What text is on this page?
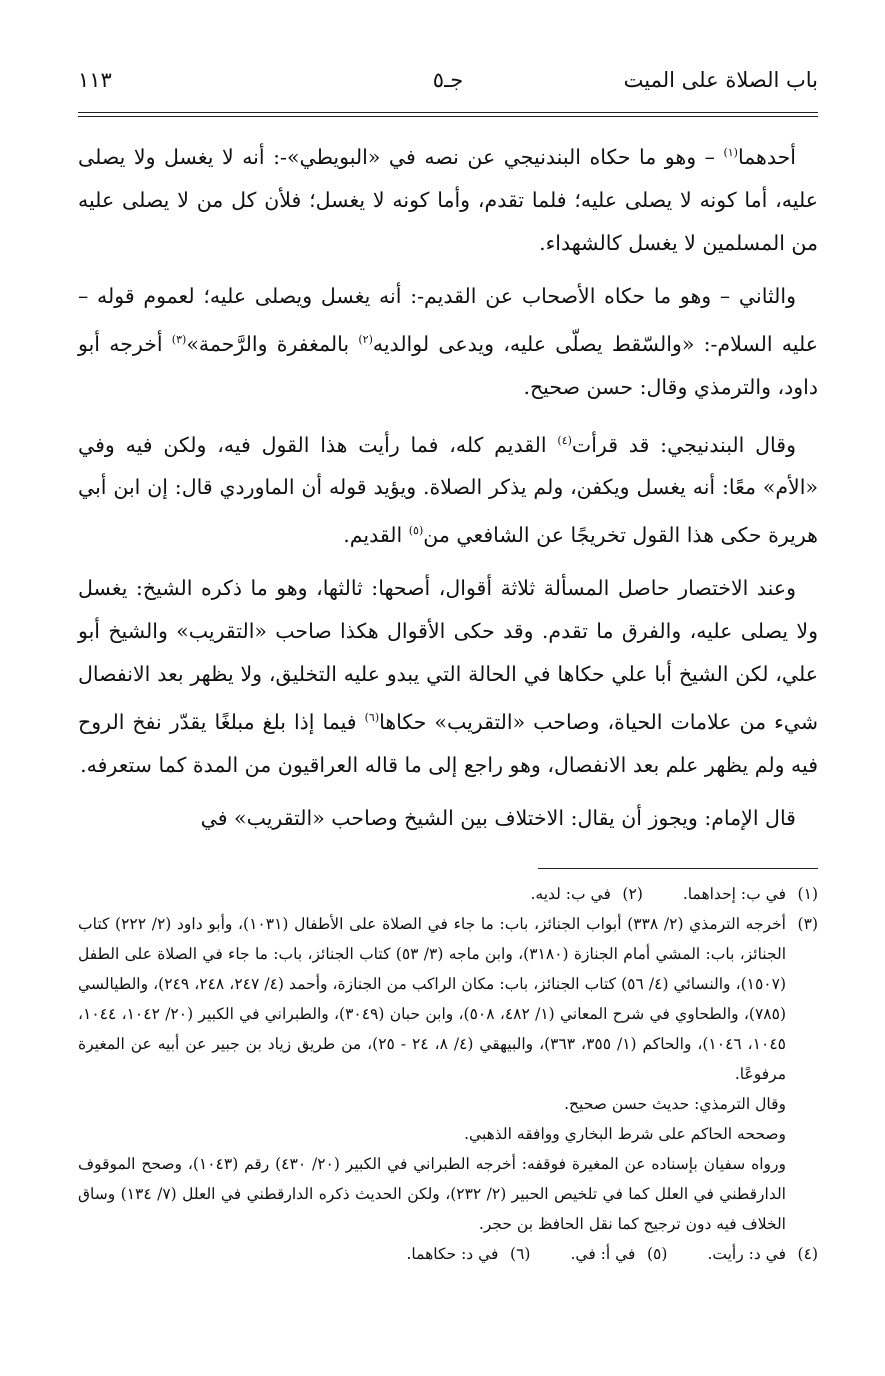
باب الصلاة على الميت
جـ٥
١١٣

أحدهما$^{(١)}$ – وهو ما حكاه البندنيجي عن نصه في «البويطي»-: أنه لا يغسل ولا يصلى عليه، أما كونه لا يصلى عليه؛ فلما تقدم، وأما كونه لا يغسل؛ فلأن كل من لا يصلى عليه من المسلمين لا يغسل كالشهداء.

والثاني – وهو ما حكاه الأصحاب عن القديم-: أنه يغسل ويصلى عليه؛ لعموم قوله – عليه السلام-: «والسّقط يصلّى عليه، ويدعى لوالديه$^{(٢)}$ بالمغفرة والرَّحمة»$^{(٣)}$ أخرجه أبو داود، والترمذي وقال: حسن صحيح.

وقال البندنيجي: قد قرأت$^{(٤)}$ القديم كله، فما رأيت هذا القول فيه، ولكن فيه وفي «الأم» معًا: أنه يغسل ويكفن، ولم يذكر الصلاة. ويؤيد قوله أن الماوردي قال: إن ابن أبي هريرة حكى هذا القول تخريجًا عن الشافعي من$^{(٥)}$ القديم.

وعند الاختصار حاصل المسألة ثلاثة أقوال، أصحها: ثالثها، وهو ما ذكره الشيخ: يغسل ولا يصلى عليه، والفرق ما تقدم. وقد حكى الأقوال هكذا صاحب «التقريب» والشيخ أبو علي، لكن الشيخ أبا علي حكاها في الحالة التي يبدو عليه التخليق، ولا يظهر بعد الانفصال شيء من علامات الحياة، وصاحب «التقريب» حكاها$^{(٦)}$ فيما إذا بلغ مبلغًا يقدّر نفخ الروح فيه ولم يظهر علم بعد الانفصال، وهو راجع إلى ما قاله العراقيون من المدة كما ستعرفه.

قال الإمام: ويجوز أن يقال: الاختلاف بين الشيخ وصاحب «التقريب» في

(١)
في ب: إحداهما.
(٢)
في ب: لديه.
(٣)
أخرجه الترمذي (٢/ ٣٣٨) أبواب الجنائز، باب: ما جاء في الصلاة على الأطفال (١٠٣١)، وأبو داود (٢/ ٢٢٢) كتاب الجنائز، باب: المشي أمام الجنازة (٣١٨٠)، وابن ماجه (٣/ ٥٣) كتاب الجنائز، باب: ما جاء في الصلاة على الطفل (١٥٠٧)، والنسائي (٤/ ٥٦) كتاب الجنائز، باب: مكان الراكب من الجنازة، وأحمد (٤/ ٢٤٧، ٢٤٨، ٢٤٩)، والطيالسي (٧٨٥)، والطحاوي في شرح المعاني (١/ ٤٨٢، ٥٠٨)، وابن حبان (٣٠٤٩)، والطبراني في الكبير (٢٠/ ١٠٤٢، ١٠٤٤، ١٠٤٥، ١٠٤٦)، والحاكم (١/ ٣٥٥، ٣٦٣)، والبيهقي (٤/ ٨، ٢٤ - ٢٥)، من طريق زياد بن جبير عن أبيه عن المغيرة مرفوعًا.
وقال الترمذي: حديث حسن صحيح.
وصححه الحاكم على شرط البخاري ووافقه الذهبي.
ورواه سفيان بإسناده عن المغيرة فوقفه: أخرجه الطبراني في الكبير (٢٠/ ٤٣٠) رقم (١٠٤٣)، وصحح الموقوف الدارقطني في العلل كما في تلخيص الحبير (٢/ ٢٣٢)، ولكن الحديث ذكره الدارقطني في العلل (٧/ ١٣٤) وساق الخلاف فيه دون ترجيح كما نقل الحافظ بن حجر.
(٤)
في د: رأيت.
(٥)
في أ: في.
(٦)
في د: حكاهما.
